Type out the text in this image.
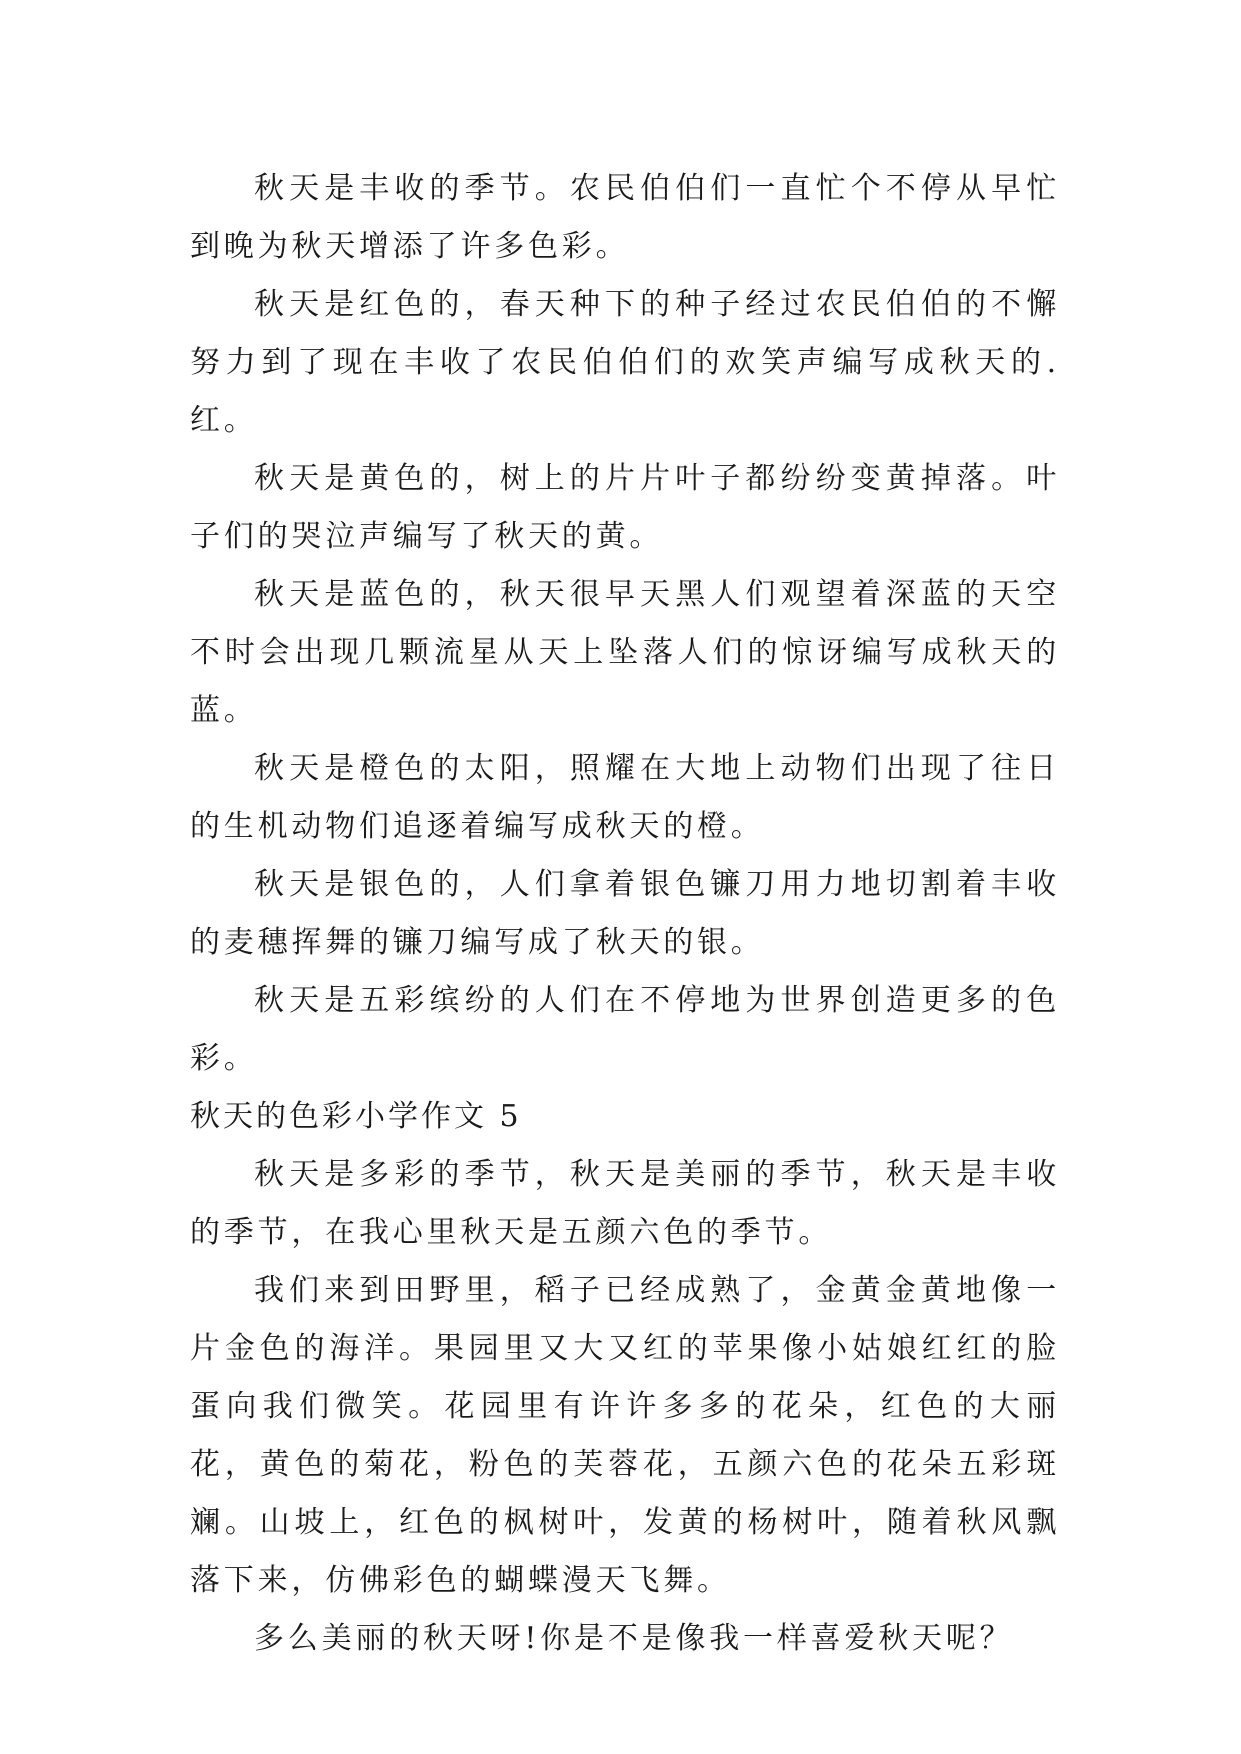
秋天是丰收的季节。农民伯伯们一直忙个不停从早忙到晚为秋天增添了许多色彩。

秋天是红色的，春天种下的种子经过农民伯伯的不懈努力到了现在丰收了农民伯伯们的欢笑声编写成秋天的.红。

秋天是黄色的，树上的片片叶子都纷纷变黄掉落。叶子们的哭泣声编写了秋天的黄。

秋天是蓝色的，秋天很早天黑人们观望着深蓝的天空不时会出现几颗流星从天上坠落人们的惊讶编写成秋天的蓝。

秋天是橙色的太阳，照耀在大地上动物们出现了往日的生机动物们追逐着编写成秋天的橙。

秋天是银色的，人们拿着银色镰刀用力地切割着丰收的麦穗挥舞的镰刀编写成了秋天的银。

秋天是五彩缤纷的人们在不停地为世界创造更多的色彩。

秋天的色彩小学作文 5

秋天是多彩的季节，秋天是美丽的季节，秋天是丰收的季节，在我心里秋天是五颜六色的季节。

我们来到田野里，稻子已经成熟了，金黄金黄地像一片金色的海洋。果园里又大又红的苹果像小姑娘红红的脸蛋向我们微笑。花园里有许许多多的花朵，红色的大丽花，黄色的菊花，粉色的芙蓉花，五颜六色的花朵五彩斑斓。山坡上，红色的枫树叶，发黄的杨树叶，随着秋风飘落下来，仿佛彩色的蝴蝶漫天飞舞。

多么美丽的秋天呀!你是不是像我一样喜爱秋天呢？
